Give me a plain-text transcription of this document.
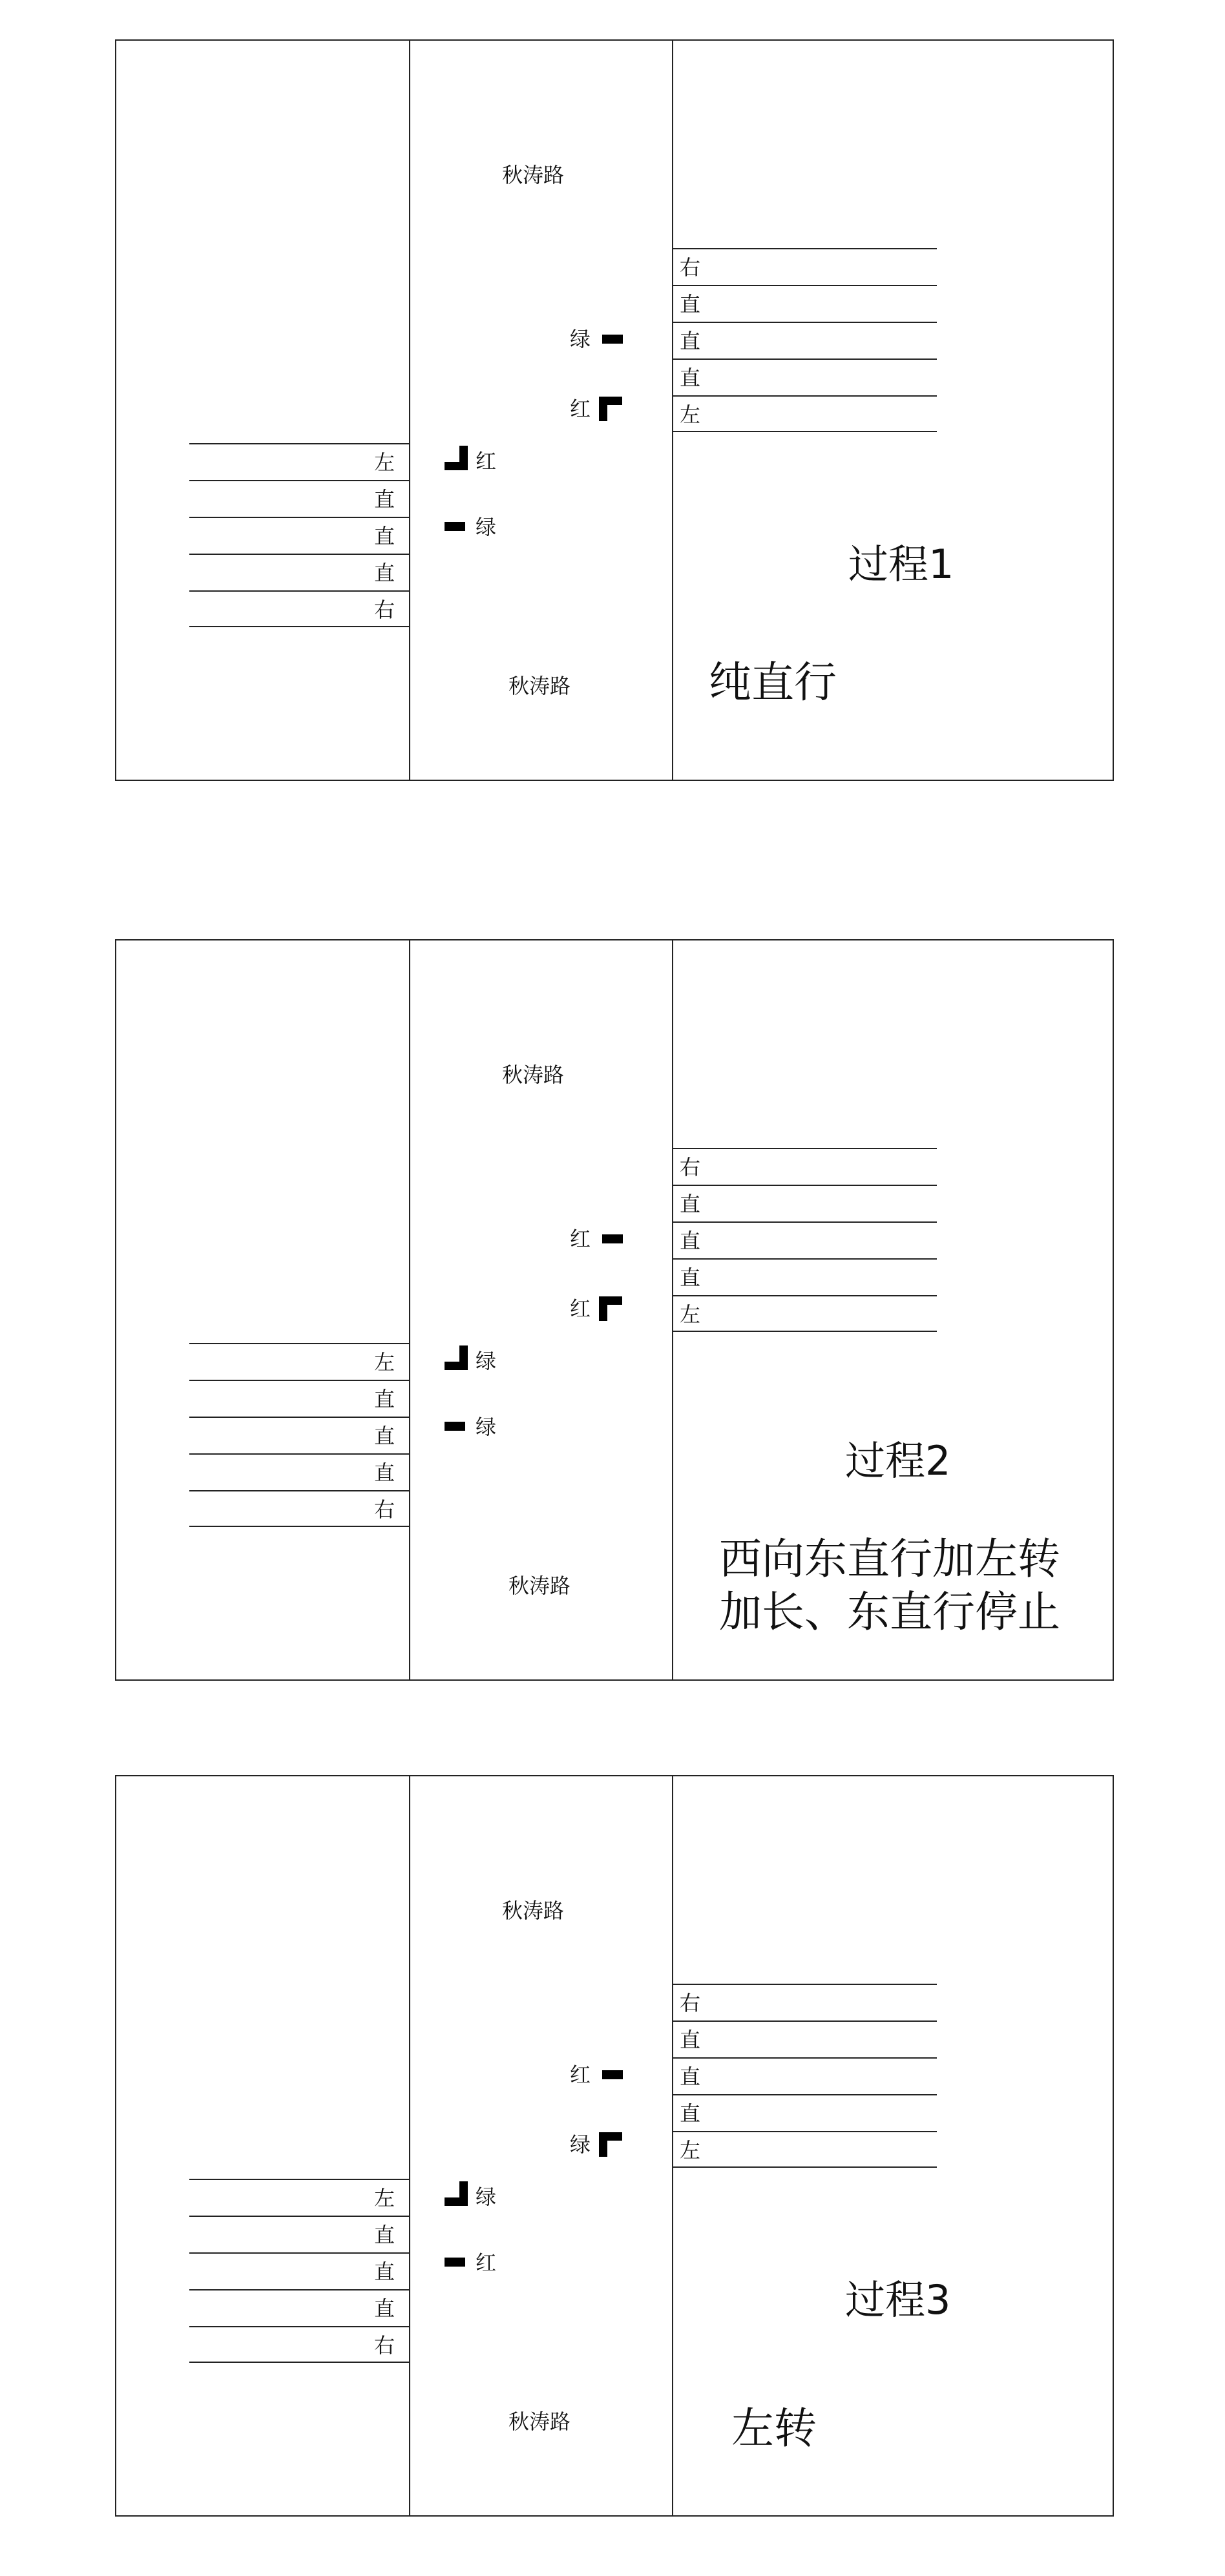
秋涛路
秋涛路
绿
红
红
绿
右
直
直
直
左
左
直
直
直
右
过程1
纯直行
秋涛路
秋涛路
红
红
绿
绿
右
直
直
直
左
左
直
直
直
右
过程2
西向东直行加左转
加长、东直行停止
秋涛路
秋涛路
红
绿
绿
红
右
直
直
直
左
左
直
直
直
右
过程3
左转
